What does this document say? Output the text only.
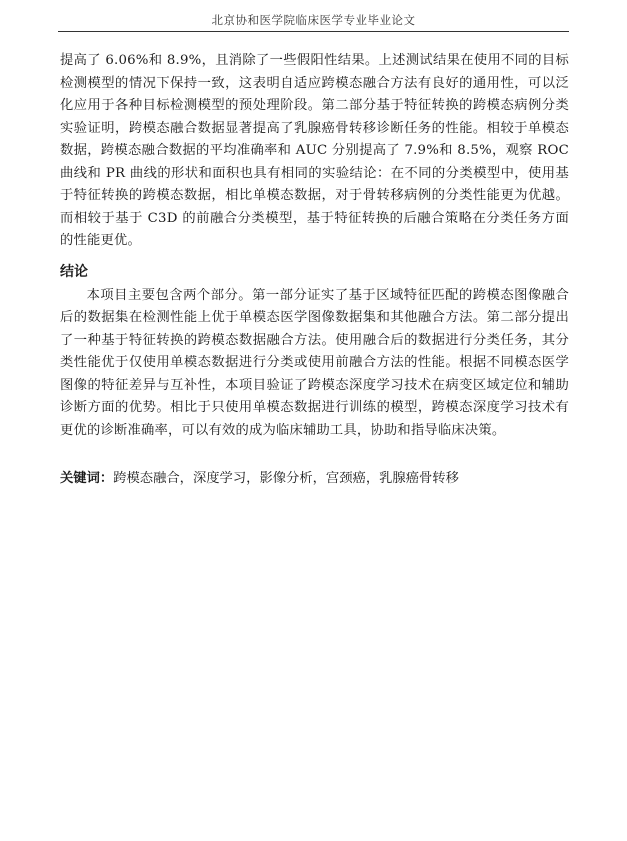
北京协和医学院临床医学专业毕业论文

提高了 6.06%和 8.9%，且消除了一些假阳性结果。上述测试结果在使用不同的目标检测模型的情况下保持一致，这表明自适应跨模态融合方法有良好的通用性，可以泛化应用于各种目标检测模型的预处理阶段。第二部分基于特征转换的跨模态病例分类实验证明，跨模态融合数据显著提高了乳腺癌骨转移诊断任务的性能。相较于单模态数据，跨模态融合数据的平均准确率和 AUC 分别提高了 7.9%和 8.5%，观察 ROC 曲线和 PR 曲线的形状和面积也具有相同的实验结论：在不同的分类模型中，使用基于特征转换的跨模态数据，相比单模态数据，对于骨转移病例的分类性能更为优越。而相较于基于 C3D 的前融合分类模型，基于特征转换的后融合策略在分类任务方面的性能更优。

结论

本项目主要包含两个部分。第一部分证实了基于区域特征匹配的跨模态图像融合后的数据集在检测性能上优于单模态医学图像数据集和其他融合方法。第二部分提出了一种基于特征转换的跨模态数据融合方法。使用融合后的数据进行分类任务，其分类性能优于仅使用单模态数据进行分类或使用前融合方法的性能。根据不同模态医学图像的特征差异与互补性，本项目验证了跨模态深度学习技术在病变区域定位和辅助诊断方面的优势。相比于只使用单模态数据进行训练的模型，跨模态深度学习技术有更优的诊断准确率，可以有效的成为临床辅助工具，协助和指导临床决策。

关键词：跨模态融合，深度学习，影像分析，宫颈癌，乳腺癌骨转移
